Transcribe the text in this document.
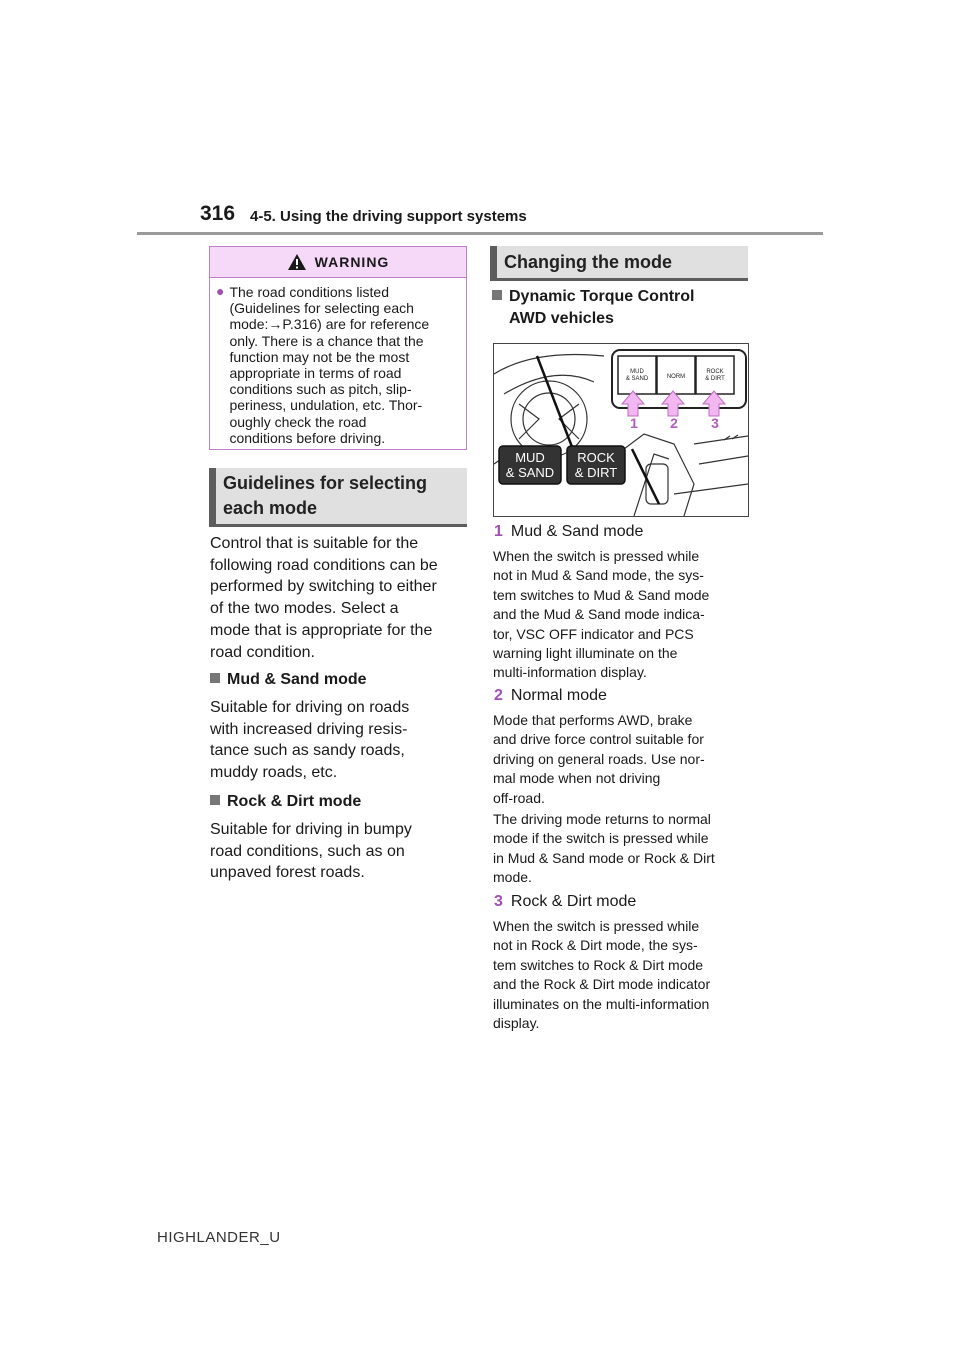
316 4-5. Using the driving support systems
WARNING
● The road conditions listed
(Guidelines for selecting each
mode:→P.316) are for reference
only. There is a chance that the
function may not be the most
appropriate in terms of road
conditions such as pitch, slip-
periness, undulation, etc. Thor-
oughly check the road
conditions before driving.
Guidelines for selecting
each mode
Control that is suitable for the
following road conditions can be
performed by switching to either
of the two modes. Select a
mode that is appropriate for the
road condition.
Mud & Sand mode
Suitable for driving on roads
with increased driving resis-
tance such as sandy roads,
muddy roads, etc.
Rock & Dirt mode
Suitable for driving in bumpy
road conditions, such as on
unpaved forest roads.
Changing the mode
Dynamic Torque Control
AWD vehicles
MUD
& SAND	NORM
ROCK
& DIRT
1 2 3
MUD
& SAND
ROCK
& DIRT
1 Mud & Sand mode
When the switch is pressed while
not in Mud & Sand mode, the sys-
tem switches to Mud & Sand mode
and the Mud & Sand mode indica-
tor, VSC OFF indicator and PCS
warning light illuminate on the
multi-information display.
2 Normal mode
Mode that performs AWD, brake
and drive force control suitable for
driving on general roads. Use nor-
mal mode when not driving
off-road.
The driving mode returns to normal
mode if the switch is pressed while
in Mud & Sand mode or Rock & Dirt
mode.
3 Rock & Dirt mode
When the switch is pressed while
not in Rock & Dirt mode, the sys-
tem switches to Rock & Dirt mode
and the Rock & Dirt mode indicator
illuminates on the multi-information
display.
HIGHLANDER_U
